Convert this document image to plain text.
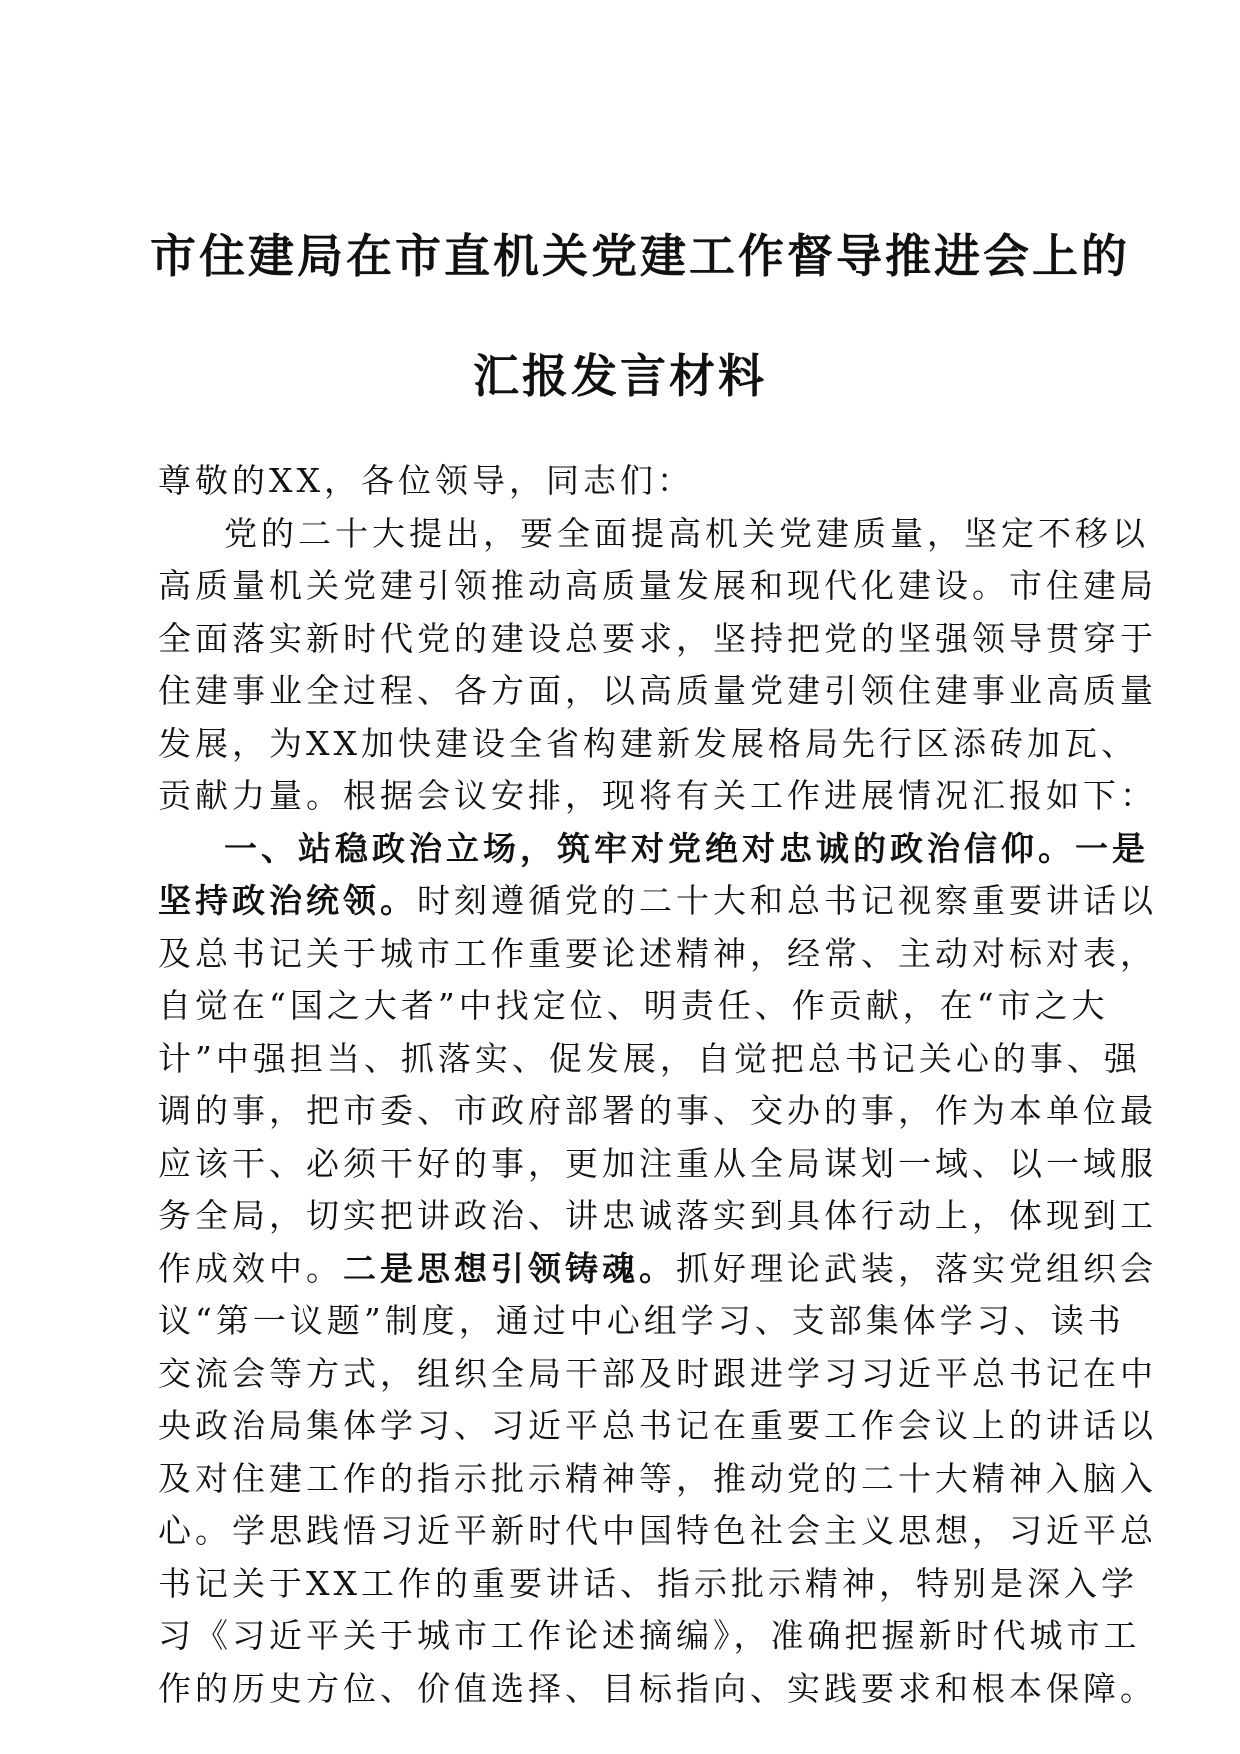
市住建局在市直机关党建工作督导推进会上的
汇报发言材料
尊敬的XX，各位领导，同志们：
党的二十大提出，要全面提高机关党建质量，坚定不移以
高质量机关党建引领推动高质量发展和现代化建设。市住建局
全面落实新时代党的建设总要求，坚持把党的坚强领导贯穿于
住建事业全过程、各方面，以高质量党建引领住建事业高质量
发展，为XX加快建设全省构建新发展格局先行区添砖加瓦、
贡献力量。根据会议安排，现将有关工作进展情况汇报如下：
一、站稳政治立场，筑牢对党绝对忠诚的政治信仰。一是
坚持政治统领。时刻遵循党的二十大和总书记视察重要讲话以
及总书记关于城市工作重要论述精神，经常、主动对标对表，
自觉在“国之大者”中找定位、明责任、作贡献，在“市之大
计”中强担当、抓落实、促发展，自觉把总书记关心的事、强
调的事，把市委、市政府部署的事、交办的事，作为本单位最
应该干、必须干好的事，更加注重从全局谋划一域、以一域服
务全局，切实把讲政治、讲忠诚落实到具体行动上，体现到工
作成效中。二是思想引领铸魂。抓好理论武装，落实党组织会
议“第一议题”制度，通过中心组学习、支部集体学习、读书
交流会等方式，组织全局干部及时跟进学习习近平总书记在中
央政治局集体学习、习近平总书记在重要工作会议上的讲话以
及对住建工作的指示批示精神等，推动党的二十大精神入脑入
心。学思践悟习近平新时代中国特色社会主义思想，习近平总
书记关于XX工作的重要讲话、指示批示精神，特别是深入学
习《习近平关于城市工作论述摘编》，准确把握新时代城市工
作的历史方位、价值选择、目标指向、实践要求和根本保障。
